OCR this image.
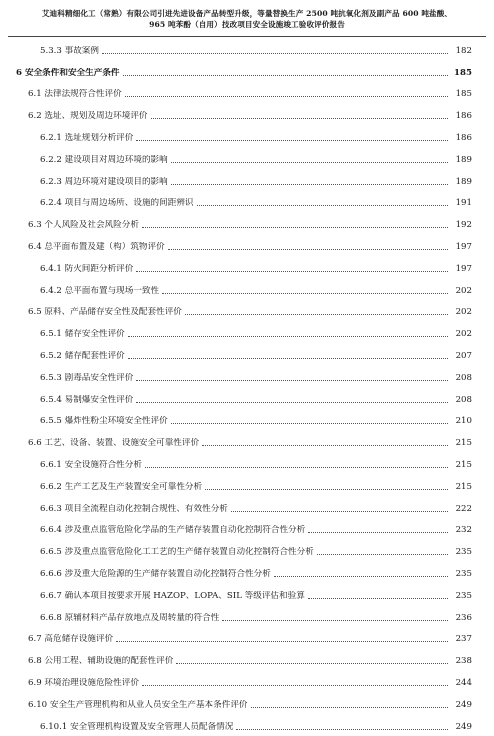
艾迪科精细化工（常熟）有限公司引进先进设备产品转型升级，等量替换生产 2500 吨抗氧化剂及副产品 600 吨盐酸、
965 吨苯酚（自用）技改项目安全设施竣工验收评价报告
5.3.3 事故案例	182
6 安全条件和安全生产条件	185
6.1 法律法规符合性评价	185
6.2 选址、规划及周边环境评价	186
6.2.1 选址规划分析评价	186
6.2.2 建设项目对周边环境的影响	189
6.2.3 周边环境对建设项目的影响	189
6.2.4 项目与周边场所、设施的间距辨识	191
6.3 个人风险及社会风险分析	192
6.4 总平面布置及建（构）筑物评价	197
6.4.1 防火间距分析评价	197
6.4.2 总平面布置与现场一致性	202
6.5 原料、产品储存安全性及配套性评价	202
6.5.1 储存安全性评价	202
6.5.2 储存配套性评价	207
6.5.3 剧毒品安全性评价	208
6.5.4 易制爆安全性评价	208
6.5.5 爆炸性粉尘环境安全性评价	210
6.6 工艺、设备、装置、设施安全可靠性评价	215
6.6.1 安全设施符合性分析	215
6.6.2 生产工艺及生产装置安全可靠性分析	215
6.6.3 项目全流程自动化控制合规性、有效性分析	222
6.6.4 涉及重点监管危险化学品的生产储存装置自动化控制符合性分析	232
6.6.5 涉及重点监管危险化工工艺的生产储存装置自动化控制符合性分析	235
6.6.6 涉及重大危险源的生产储存装置自动化控制符合性分析	235
6.6.7 确认本项目按要求开展 HAZOP、LOPA、SIL 等级评估和验算	235
6.6.8 原辅材料产品存放地点及周转量的符合性	236
6.7 高危储存设施评价	237
6.8 公用工程、辅助设施的配套性评价	238
6.9 环境治理设施危险性评价	244
6.10 安全生产管理机构和从业人员安全生产基本条件评价	249
6.10.1 安全管理机构设置及安全管理人员配备情况	249
